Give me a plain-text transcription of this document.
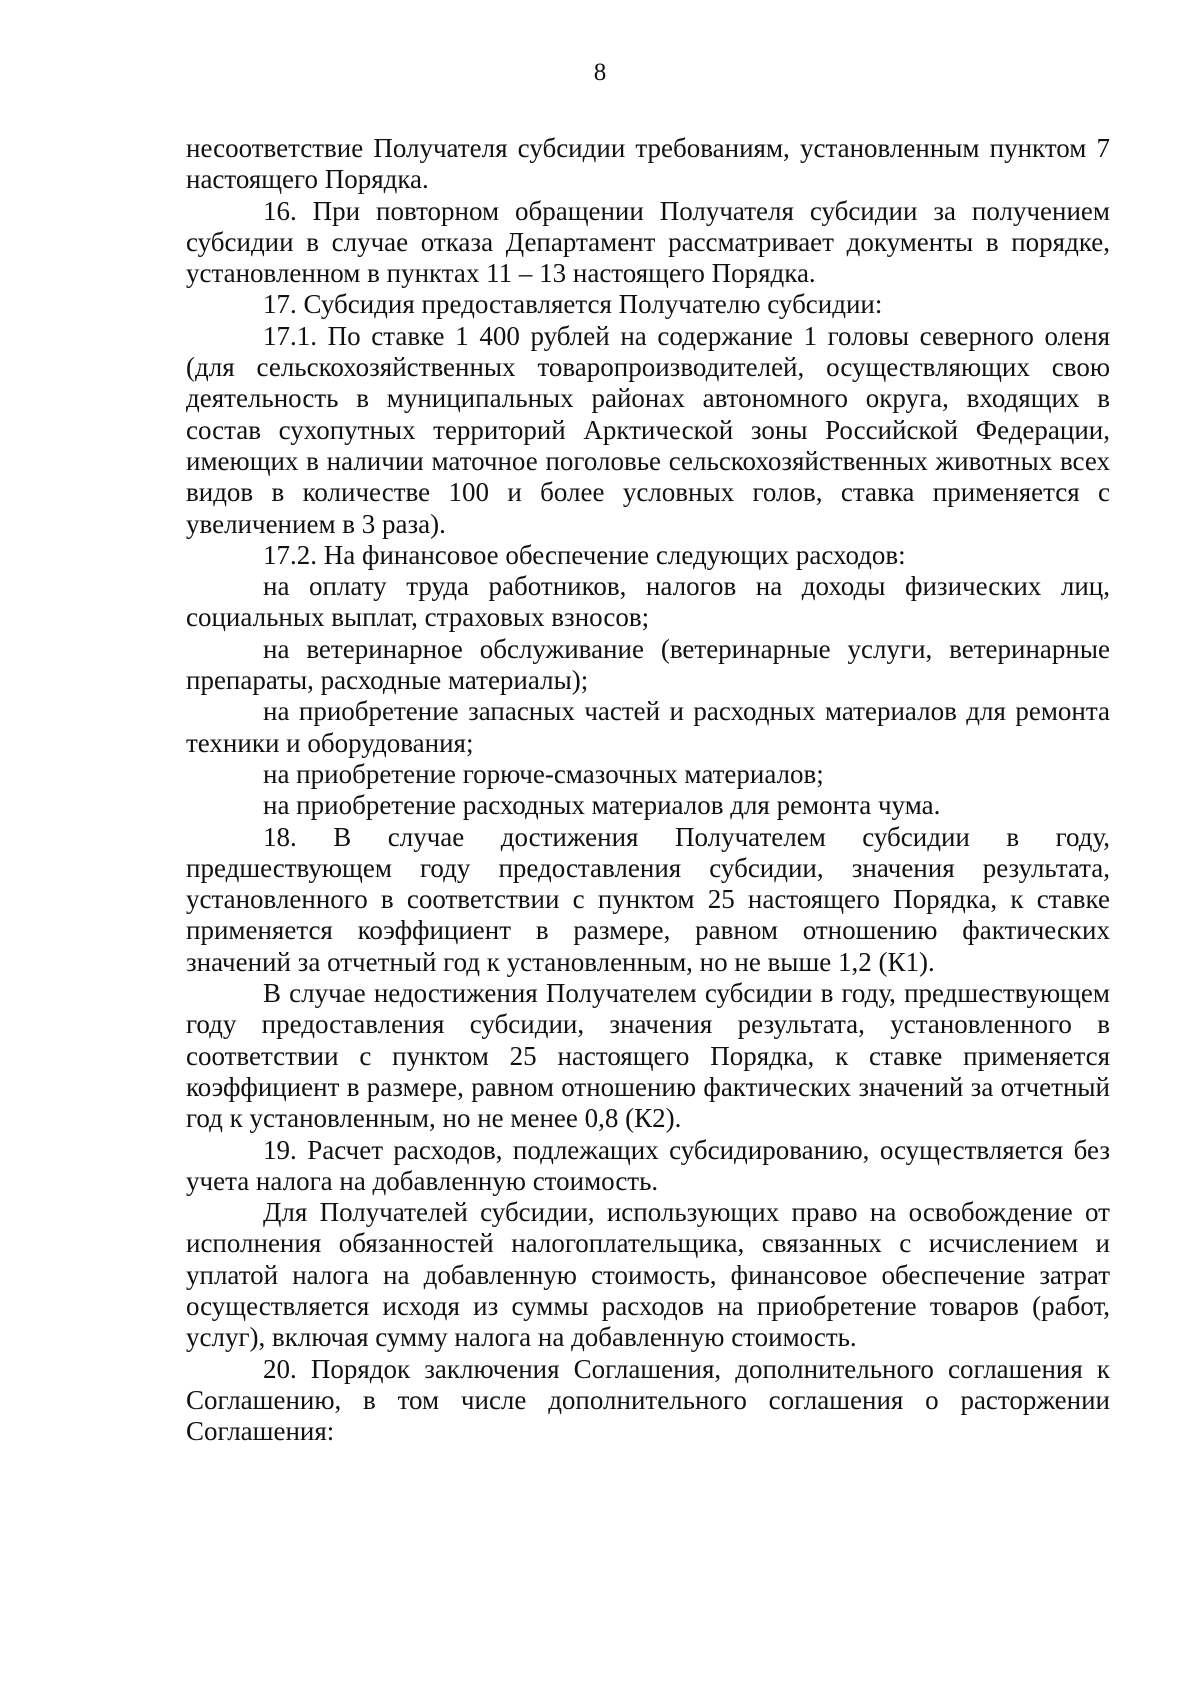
8

несоответствие Получателя субсидии требованиям, установленным пунктом 7 настоящего Порядка.

16. При повторном обращении Получателя субсидии за получением субсидии в случае отказа Департамент рассматривает документы в порядке, установленном в пунктах 11 – 13 настоящего Порядка.

17. Субсидия предоставляется Получателю субсидии:

17.1. По ставке 1 400 рублей на содержание 1 головы северного оленя (для сельскохозяйственных товаропроизводителей, осуществляющих свою деятельность в муниципальных районах автономного округа, входящих в состав сухопутных территорий Арктической зоны Российской Федерации, имеющих в наличии маточное поголовье сельскохозяйственных животных всех видов в количестве 100 и более условных голов, ставка применяется с увеличением в 3 раза).

17.2. На финансовое обеспечение следующих расходов:

на оплату труда работников, налогов на доходы физических лиц, социальных выплат, страховых взносов;

на ветеринарное обслуживание (ветеринарные услуги, ветеринарные препараты, расходные материалы);

на приобретение запасных частей и расходных материалов для ремонта техники и оборудования;

на приобретение горюче-смазочных материалов;

на приобретение расходных материалов для ремонта чума.

18. В случае достижения Получателем субсидии в году, предшествующем году предоставления субсидии, значения результата, установленного в соответствии с пунктом 25 настоящего Порядка, к ставке применяется коэффициент в размере, равном отношению фактических значений за отчетный год к установленным, но не выше 1,2 (К1).

В случае недостижения Получателем субсидии в году, предшествующем году предоставления субсидии, значения результата, установленного в соответствии с пунктом 25 настоящего Порядка, к ставке применяется коэффициент в размере, равном отношению фактических значений за отчетный год к установленным, но не менее 0,8 (К2).

19. Расчет расходов, подлежащих субсидированию, осуществляется без учета налога на добавленную стоимость.

Для Получателей субсидии, использующих право на освобождение от исполнения обязанностей налогоплательщика, связанных с исчислением и уплатой налога на добавленную стоимость, финансовое обеспечение затрат осуществляется исходя из суммы расходов на приобретение товаров (работ, услуг), включая сумму налога на добавленную стоимость.

20. Порядок заключения Соглашения, дополнительного соглашения к Соглашению, в том числе дополнительного соглашения о расторжении Соглашения:
